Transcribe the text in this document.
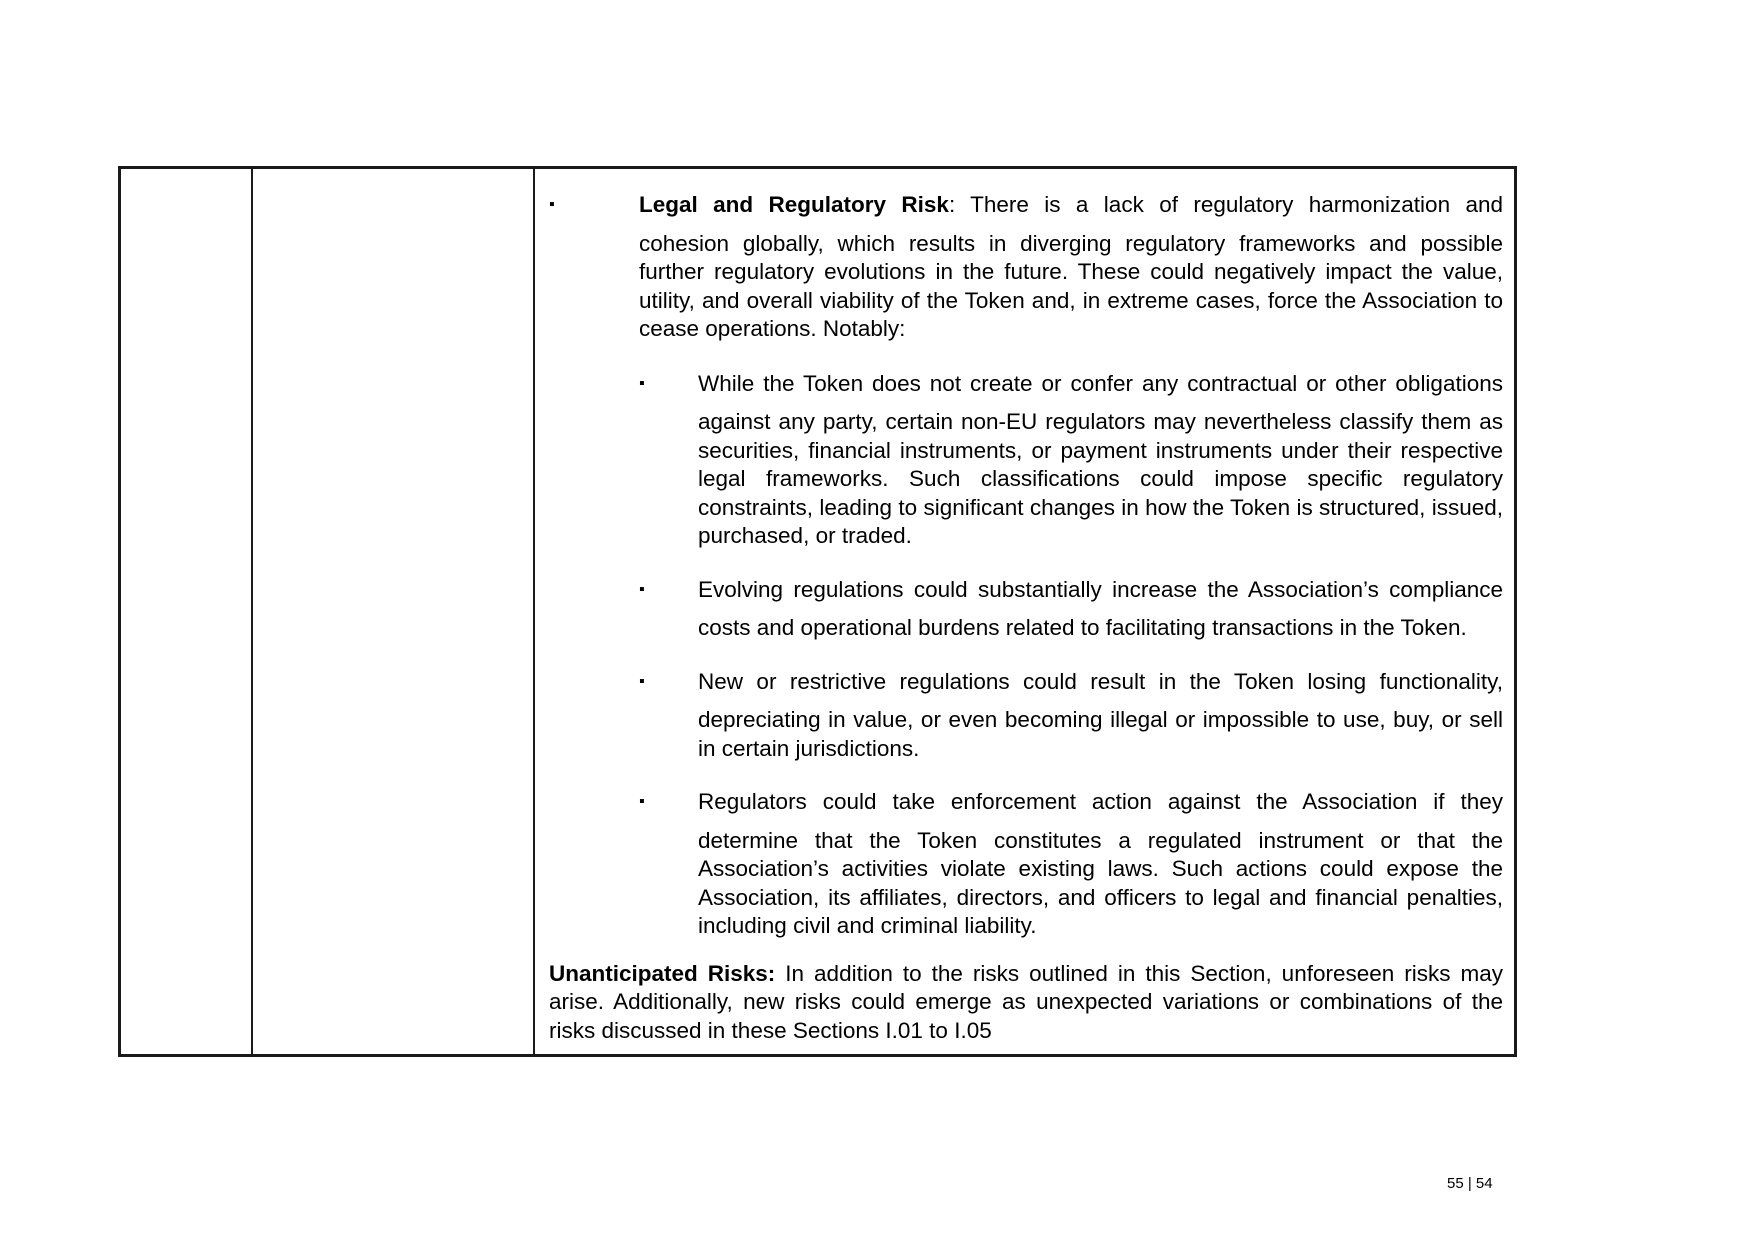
▪	Legal and Regulatory Risk: There is a lack of regulatory harmonization and
cohesion globally, which results in diverging regulatory frameworks and possible further regulatory evolutions in the future. These could negatively impact the value, utility, and overall viability of the Token and, in extreme cases, force the Association to cease operations. Notably:
▪ While the Token does not create or confer any contractual or other obligations
against any party, certain non-EU regulators may nevertheless classify them as securities, financial instruments, or payment instruments under their respective legal frameworks. Such classifications could impose specific regulatory constraints, leading to significant changes in how the Token is structured, issued, purchased, or traded.
▪ Evolving regulations could substantially increase the Association’s compliance
costs and operational burdens related to facilitating transactions in the Token.
▪ New or restrictive regulations could result in the Token losing functionality,
depreciating in value, or even becoming illegal or impossible to use, buy, or sell in certain jurisdictions.
▪ Regulators could take enforcement action against the Association if they
determine that the Token constitutes a regulated instrument or that the Association’s activities violate existing laws. Such actions could expose the Association, its affiliates, directors, and officers to legal and financial penalties, including civil and criminal liability.
Unanticipated Risks: In addition to the risks outlined in this Section, unforeseen risks may arise. Additionally, new risks could emerge as unexpected variations or combinations of the risks discussed in these Sections I.01 to I.05
55 | 54
